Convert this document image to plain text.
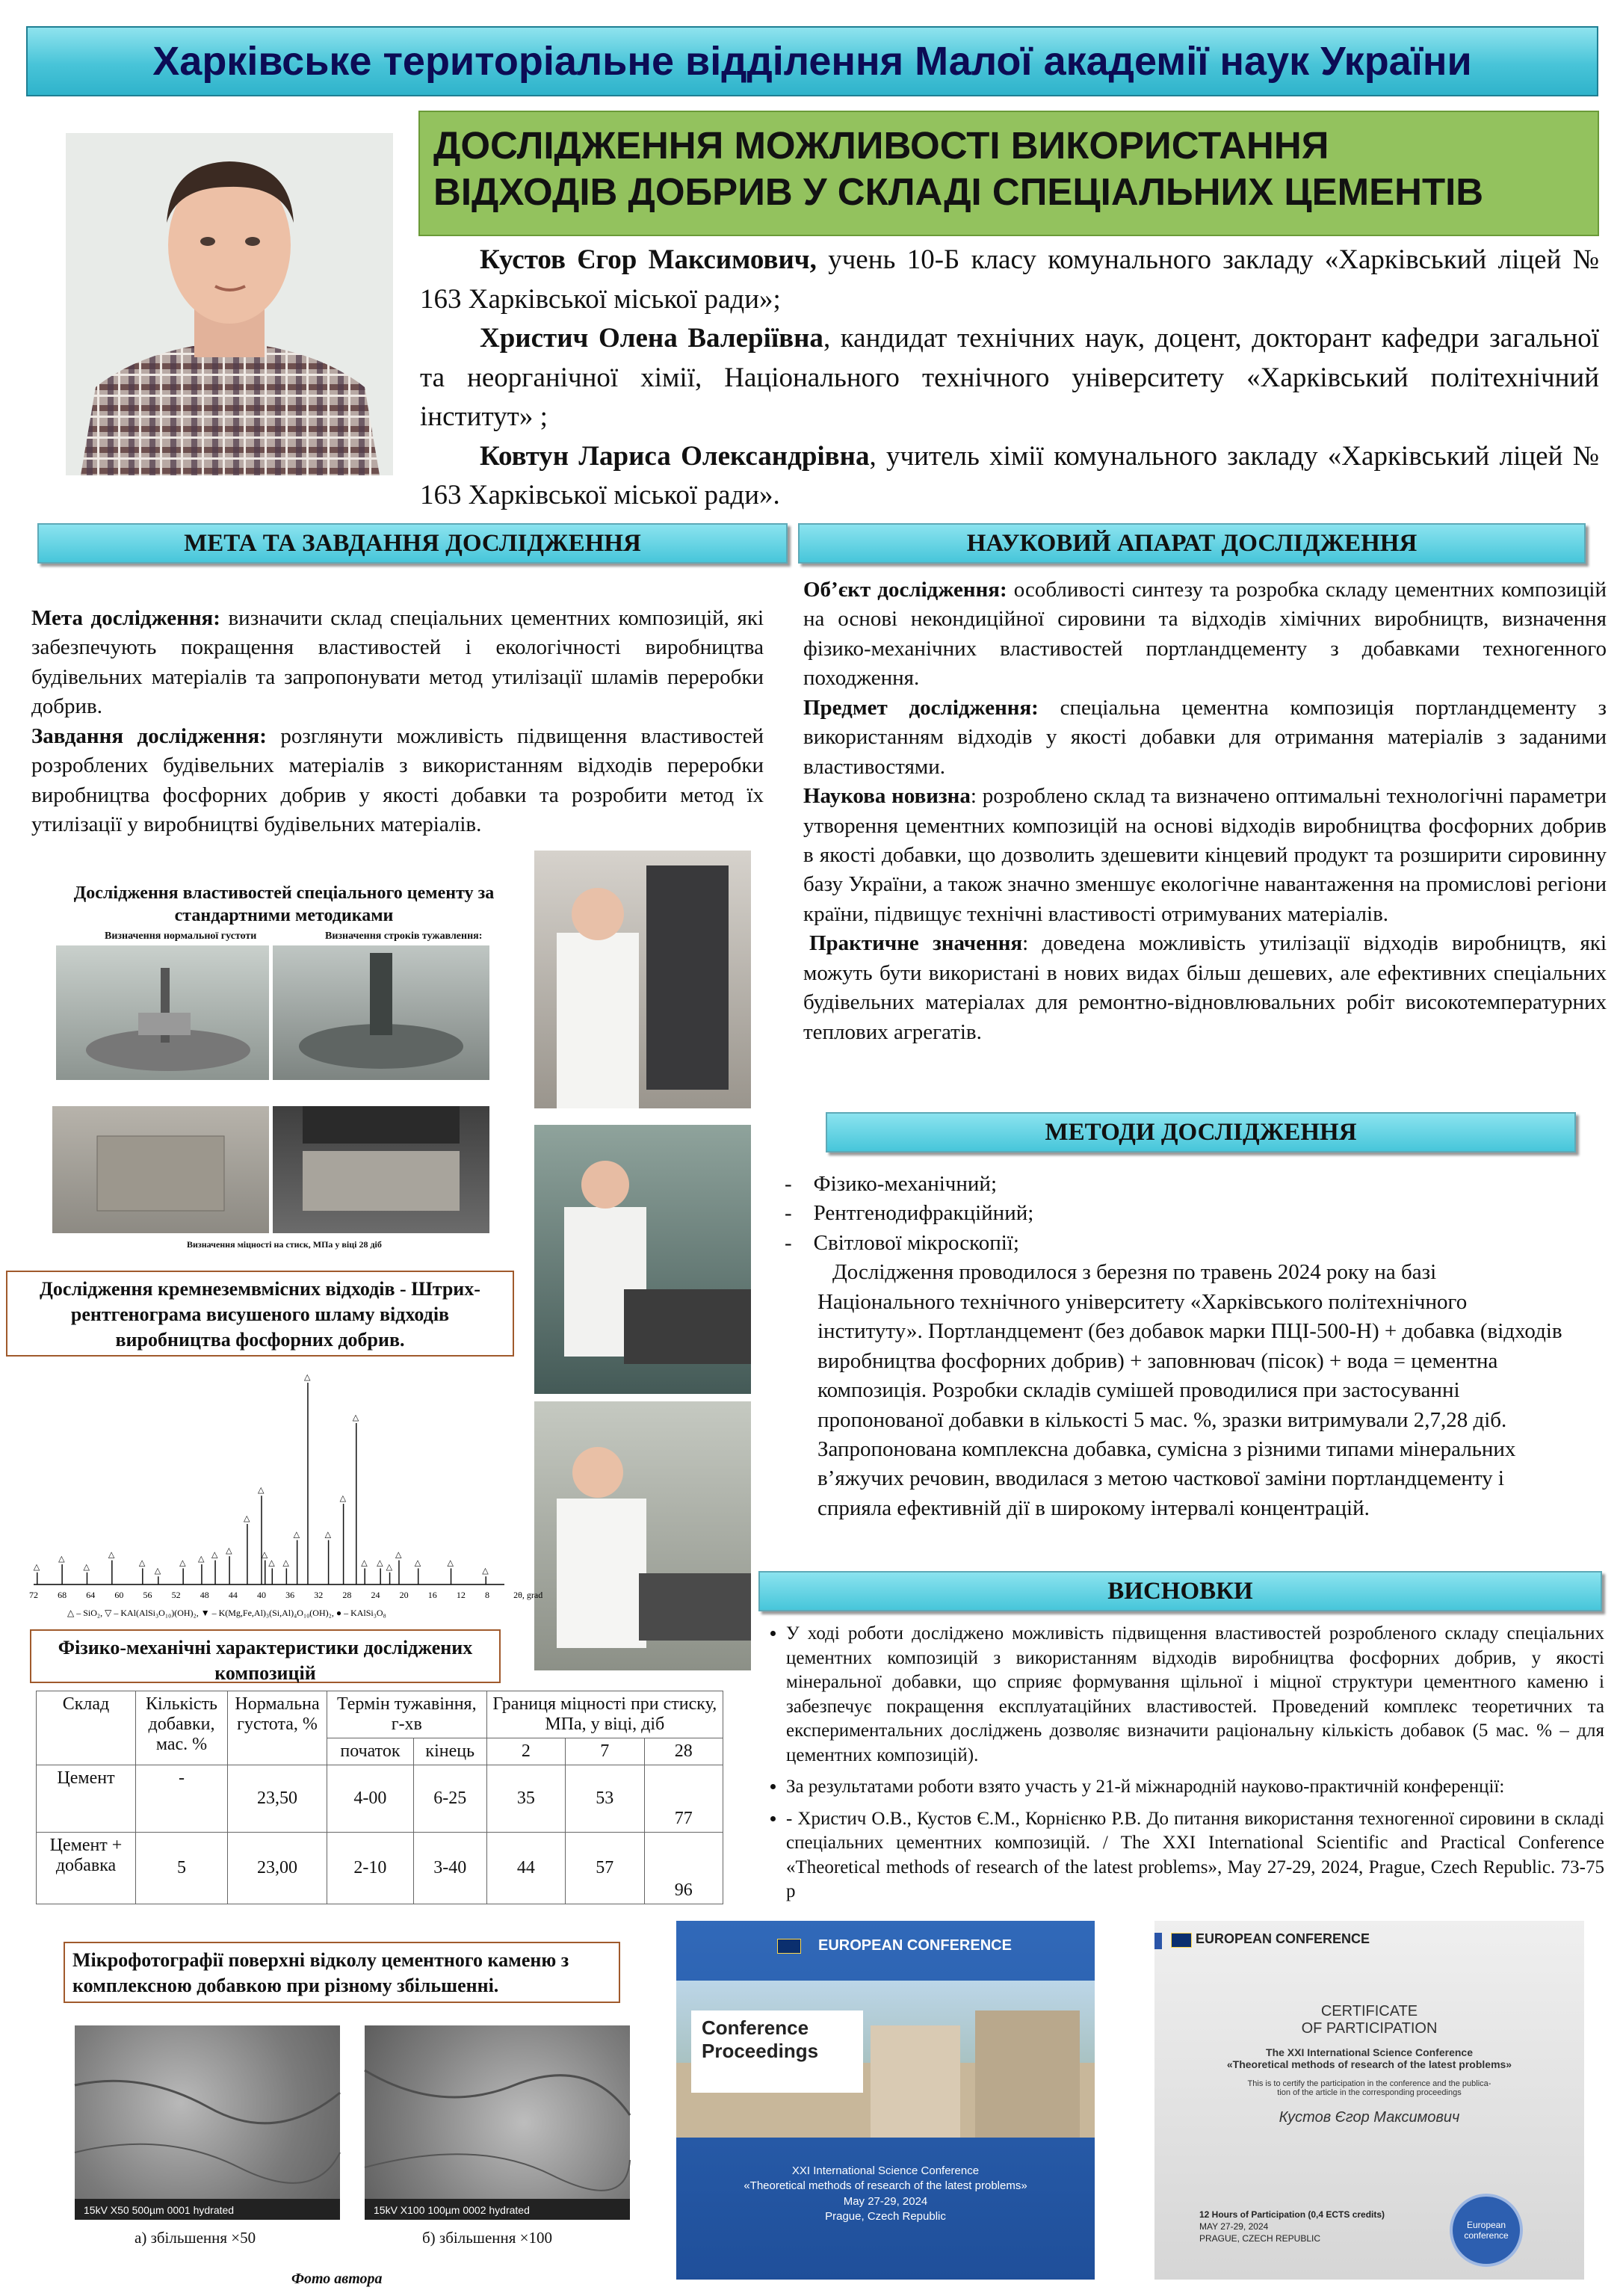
Харківське територіальне відділення Малої академії наук України
ДОСЛІДЖЕННЯ МОЖЛИВОСТІ ВИКОРИСТАННЯ
ВІДХОДІВ ДОБРИВ У СКЛАДІ СПЕЦІАЛЬНИХ ЦЕМЕНТІВ

Кустов Єгор Максимович, учень 10-Б класу комунального закладу «Харківський ліцей № 163 Харківської міської ради»;

Христич Олена Валеріївна, кандидат технічних наук, доцент, докторант кафедри загальної та неорганічної хімії, Національного технічного університету «Харківський політехнічний інститут» ;

Ковтун Лариса Олександрівна, учитель хімії комунального закладу «Харківський ліцей № 163 Харківської міської ради».

МЕТА ТА ЗАВДАННЯ ДОСЛІДЖЕННЯ

Мета дослідження: визначити склад спеціальних цементних композицій, які забезпечують покращення властивостей і екологічності виробництва будівельних матеріалів та запропонувати метод утилізації шламів переробки добрив.

Завдання дослідження: розглянути можливість підвищення властивостей розроблених будівельних матеріалів з використанням відходів переробки виробництва фосфорних добрив у якості добавки та розробити метод їх утилізації у виробництві будівельних матеріалів.

Дослідження властивостей спеціального цементу за
стандартними методиками
Визначення нормальної густоти	Визначення строків тужавлення:
Визначення міцності на стиск, МПа у віці 28 діб
Дослідження кремнеземвмісних відходів - Штрих-рентгенограма висушеного шламу відходів виробництва фосфорних добрив.
△
△
△
△
△
△
△ △ △ △
△
△
△
△ △
△
△
△
△
△
△ △ △
△
△	△
△
72 68 64 60 56 52 48 44 40 36 32 28 24 20 16 12 8	2θ, grad
△ – SiO₂, ▽ – KAl(AlSi₃O₁₀)(OH)₂, ▼ – K(Mg,Fe,Al)₃(Si,Al)₄O₁₀(OH)₂, ● – KAlSi₃O₈
Фізико-механічні характеристики досліджених композицій
Склад	Кількість добавки, мас. %	Нормальна густота, %	Термін тужавіння, г-хв		Границя міцності при стиску, МПа, у віці, діб		
			початок	кінець	2	7	28
Цемент	-	23,50	4-00	6-25	35	53	77
Цемент + добавка	5	23,00	2-10	3-40	44	57	96
Мікрофотографії поверхні відколу цементного каменю з комплексною добавкою при різному збільшенні.
15kV X50 500µm 0001 hydrated	15kV X100 100µm 0002 hydrated
а) збільшення ×50	б) збільшення ×100
Фото автора
НАУКОВИЙ АПАРАТ ДОСЛІДЖЕННЯ

Об’єкт дослідження: особливості синтезу та розробка складу цементних композицій на основі некондиційної сировини та відходів хімічних виробництв, визначення фізико-механічних властивостей портландцементу з добавками техногенного походження.

Предмет дослідження: спеціальна цементна композиція портландцементу з використанням відходів у якості добавки для отримання матеріалів з заданими властивостями.

Наукова новизна: розроблено склад та визначено оптимальні технологічні параметри утворення цементних композицій на основі відходів виробництва фосфорних добрив в якості добавки, що дозволить здешевити кінцевий продукт та розширити сировинну базу України, а також значно зменшує екологічне навантаження на промислові регіони країни, підвищує технічні властивості отримуваних матеріалів.

Практичне значення: доведена можливість утилізації відходів виробництв, які можуть бути використані в нових видах більш дешевих, але ефективних спеціальних будівельних матеріалах для ремонтно-відновлювальних робіт високотемпературних теплових агрегатів.

МЕТОДИ ДОСЛІДЖЕННЯ
-    Фізико-механічний;
-    Рентгенодифракційний;
-    Світлової мікроскопії;

Дослідження проводилося з березня по травень 2024 року на базі Національного технічного університету «Харківського політехнічного інституту». Портландцемент (без добавок марки ПЦІ-500-Н) + добавка (відходів виробництва фосфорних добрив) + заповнювач (пісок) + вода = цементна композиція. Розробки складів сумішей проводилися при застосуванні пропонованої добавки в кількості 5 мас. %, зразки витримували 2,7,28 діб. Запропонована комплексна добавка, сумісна з різними типами мінеральних в’яжучих речовин, вводилася з метою часткової заміни портландцементу і сприяла ефективній дії в широкому інтервалі концентрацій.

ВИСНОВКИ
• У ході роботи досліджено можливість підвищення властивостей розробленого складу спеціальних цементних композицій з використанням відходів виробництва фосфорних добрив, у якості мінеральної добавки, що сприяє формування щільної і міцної структури цементного каменю і забезпечує покращення експлуатаційних властивостей. Проведений комплекс теоретичних та експериментальних досліджень дозволяє визначити раціональну кількість добавок (5 мас. % – для цементних композицій).
• За результатами роботи взято участь у 21-й міжнародній науково-практичній конференції:
• - Христич О.В., Кустов Є.М., Корнієнко Р.В. До питання використання техногенної сировини в складі спеціальних цементних композицій. / The XXI International Scientific and Practical Conference «Theoretical methods of research of the latest problems», May 27-29, 2024, Prague, Czech Republic. 73-75 р
EUROPEAN CONFERENCE
Conference
Proceedings
XXI International Science Conference
«Theoretical methods of research of the latest problems»
May 27-29, 2024
Prague, Czech Republic
EUROPEAN CONFERENCE
CERTIFICATE
OF PARTICIPATION
The XXI International Science Conference
«Theoretical methods of research of the latest problems»
This is to certify the participation in the conference and the publica-
tion of the article in the corresponding proceedings
Кустов Єгор Максимович
12 Hours of Participation (0,4 ECTS credits)
MAY 27-29, 2024
PRAGUE, CZECH REPUBLIC
European
conference
